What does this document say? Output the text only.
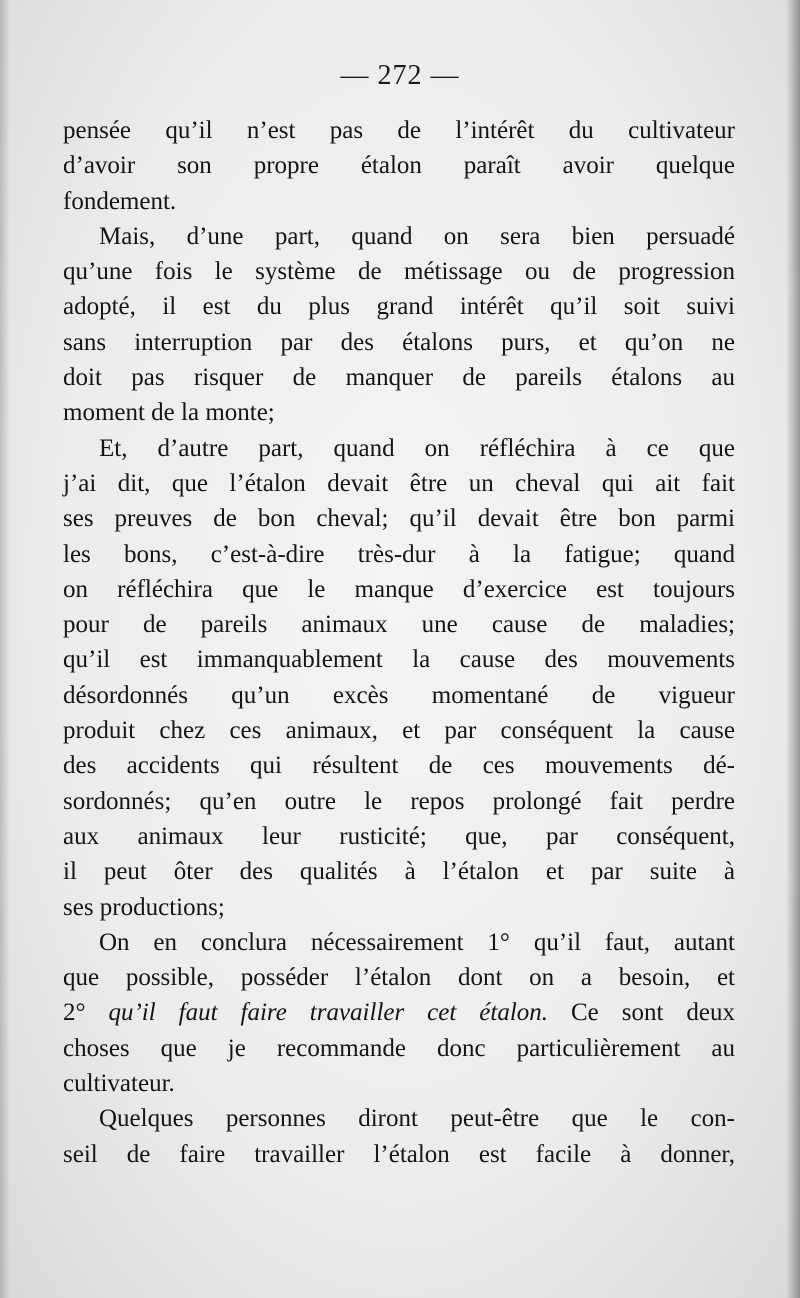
— 272 —
pensée qu’il n’est pas de l’intérêt du cultivateur
d’avoir son propre étalon paraît avoir quelque
fondement.
Mais, d’une part, quand on sera bien persuadé
qu’une fois le système de métissage ou de progression
adopté, il est du plus grand intérêt qu’il soit suivi
sans interruption par des étalons purs, et qu’on ne
doit pas risquer de manquer de pareils étalons au
moment de la monte;
Et, d’autre part, quand on réfléchira à ce que
j’ai dit, que l’étalon devait être un cheval qui ait fait
ses preuves de bon cheval; qu’il devait être bon parmi
les bons, c’est-à-dire très-dur à la fatigue; quand
on réfléchira que le manque d’exercice est toujours
pour de pareils animaux une cause de maladies;
qu’il est immanquablement la cause des mouvements
désordonnés qu’un excès momentané de vigueur
produit chez ces animaux, et par conséquent la cause
des accidents qui résultent de ces mouvements dé-
sordonnés; qu’en outre le repos prolongé fait perdre
aux animaux leur rusticité; que, par conséquent,
il peut ôter des qualités à l’étalon et par suite à
ses productions;
On en conclura nécessairement 1° qu’il faut, autant
que possible, posséder l’étalon dont on a besoin, et
2° qu’il faut faire travailler cet étalon. Ce sont deux
choses que je recommande donc particulièrement au
cultivateur.
Quelques personnes diront peut-être que le con-
seil de faire travailler l’étalon est facile à donner,
